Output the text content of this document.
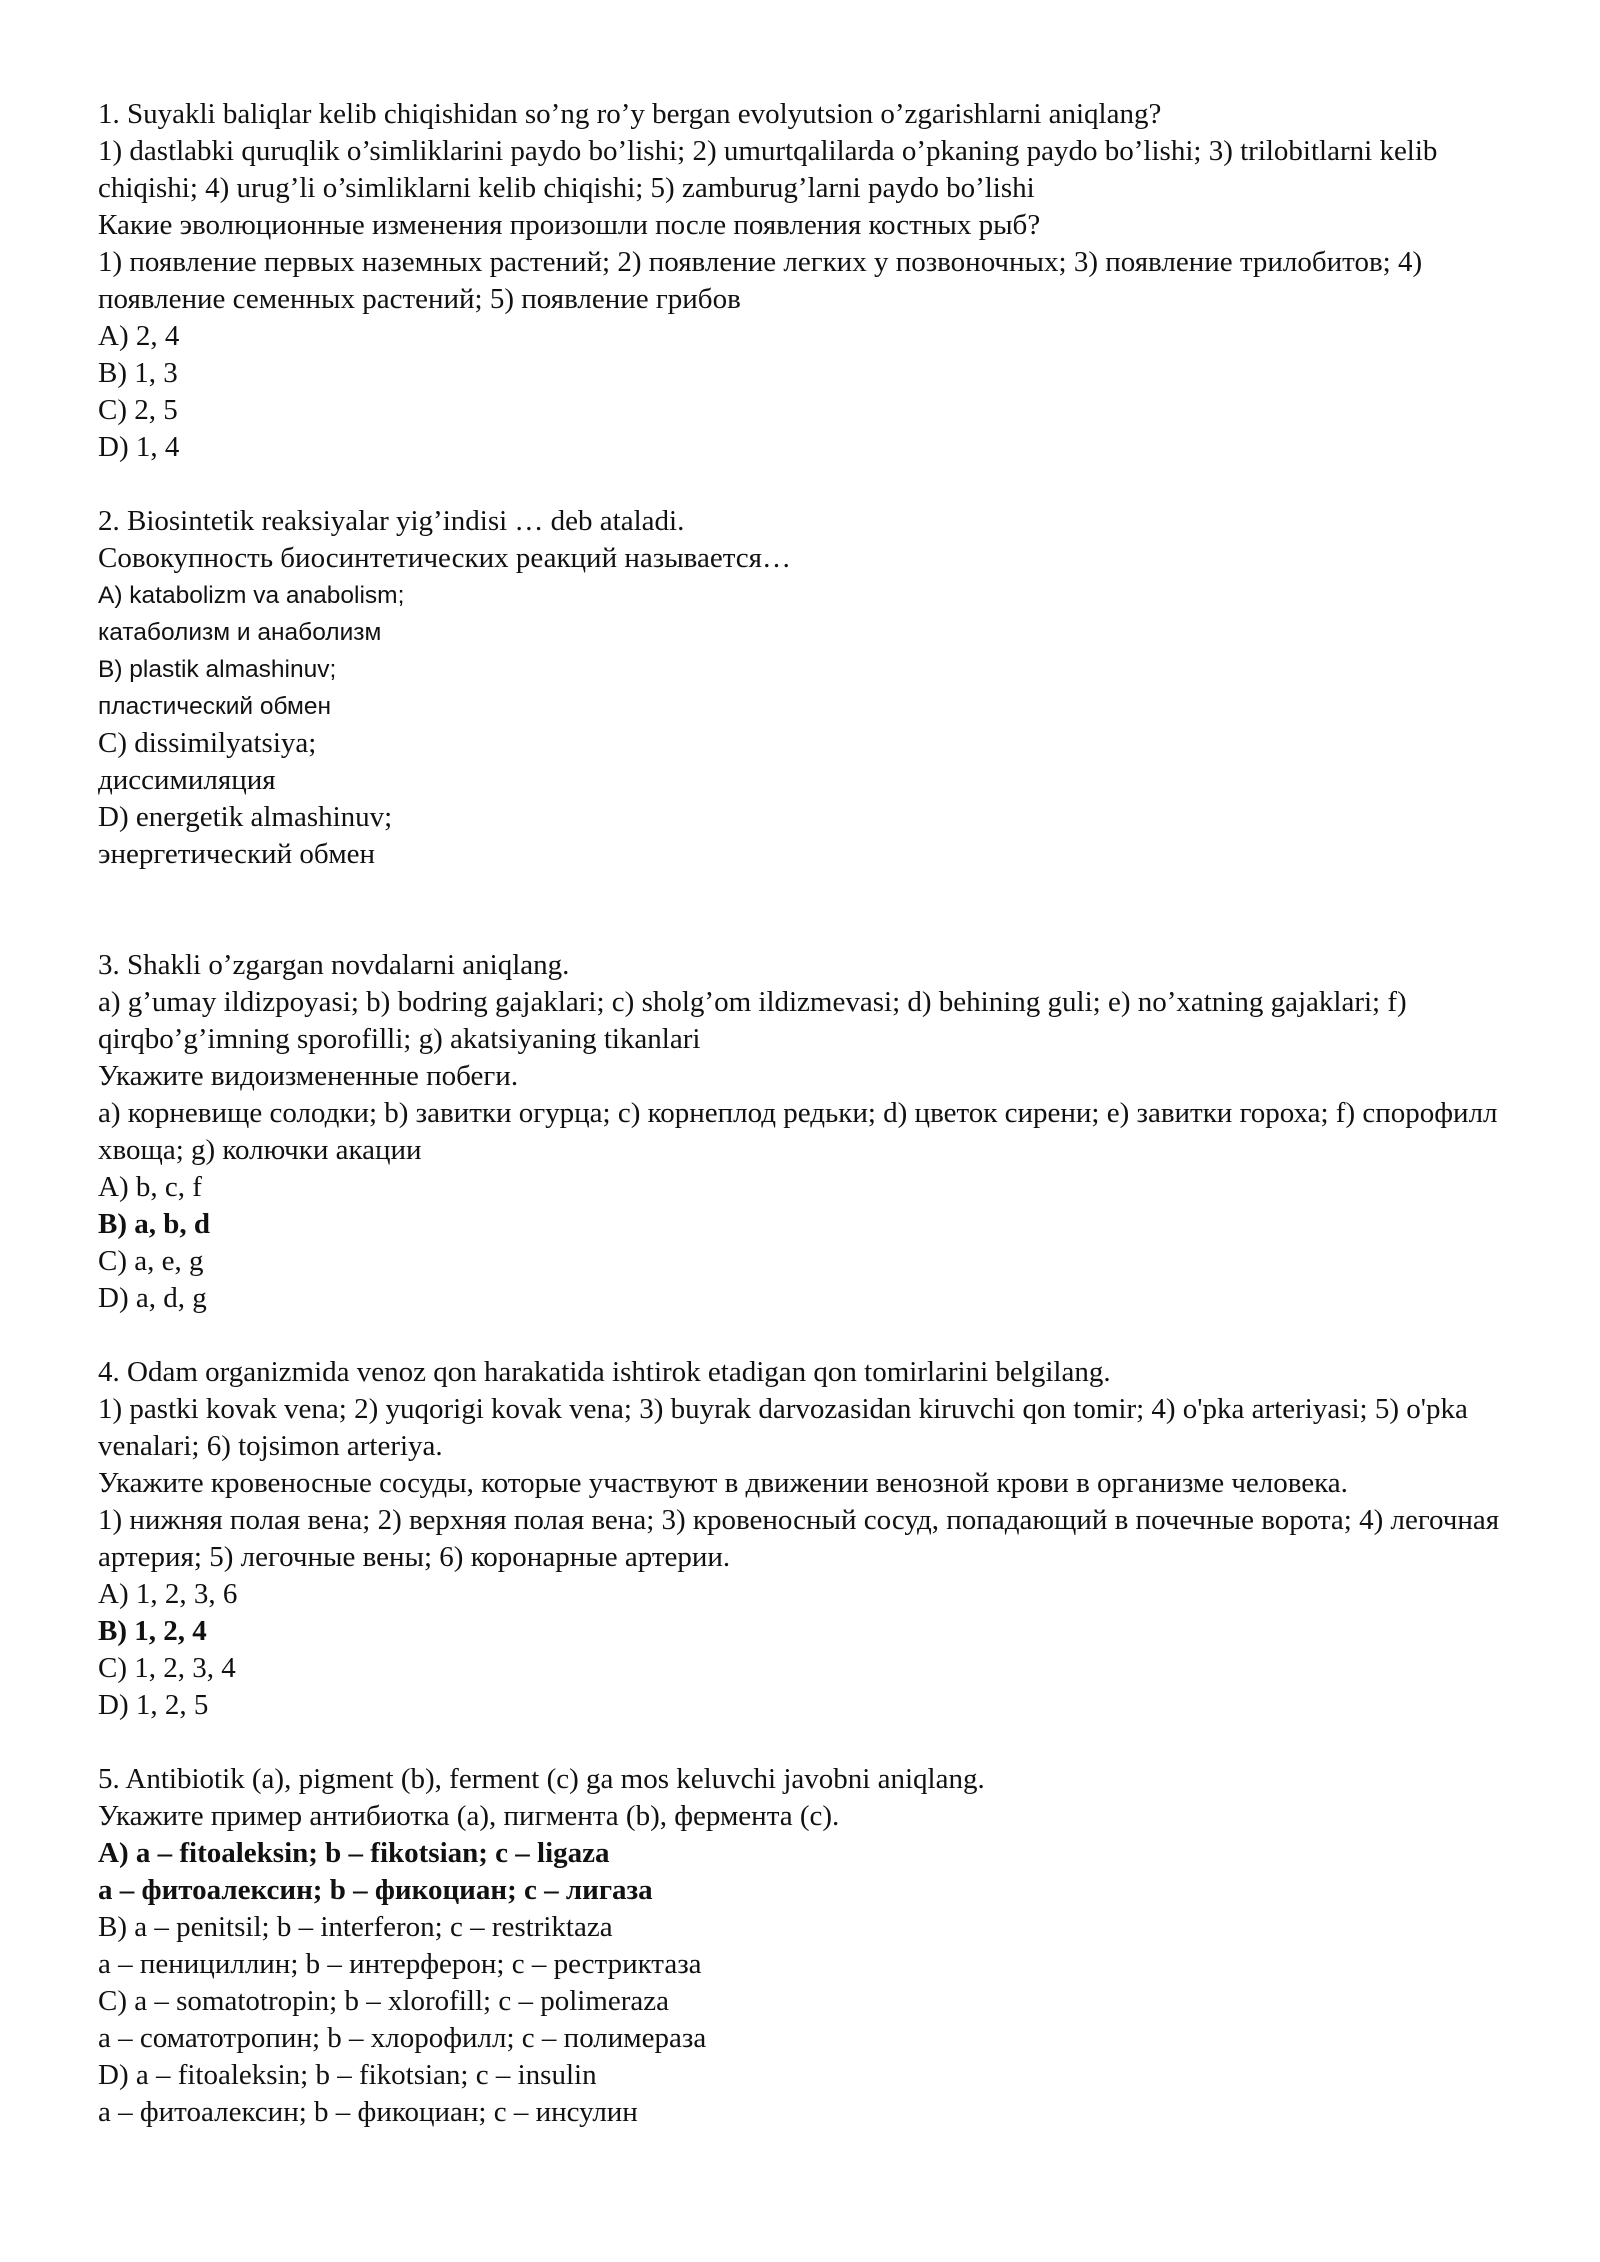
1. Suyakli baliqlar kelib chiqishidan so’ng ro’y bergan evolyutsion o’zgarishlarni aniqlang?
1) dastlabki quruqlik o’simliklarini paydo bo’lishi; 2) umurtqalilarda o’pkaning paydo bo’lishi; 3) trilobitlarni kelib chiqishi; 4) urug’li o’simliklarni kelib chiqishi; 5) zamburug’larni paydo bo’lishi
Какие эволюционные изменения произошли после появления костных рыб?
1) появление первых наземных растений; 2) появление легких у позвоночных; 3) появление трилобитов; 4) появление семенных растений; 5) появление грибов
A) 2, 4
B) 1, 3
C) 2, 5
D) 1, 4
2. Biosintetik reaksiyalar yig’indisi … deb ataladi.
Совокупность биосинтетических реакций называется…
A) katabolizm va anabolism;
катаболизм и анаболизм
B) plastik almashinuv;
пластический обмен
C) dissimilyatsiya;
диссимиляция
D) energetik almashinuv;
энергетический обмен
3. Shakli o’zgargan novdalarni aniqlang.
a) g’umay ildizpoyasi; b) bodring gajaklari; c) sholg’om ildizmevasi; d) behining guli; e) no’xatning gajaklari; f) qirqbo’g’imning sporofilli; g) akatsiyaning tikanlari
Укажите видоизмененные побеги.
а) корневище солодки; b) завитки огурца; c) корнеплод редьки; d) цветок сирени; e) завитки гороха; f) спорофилл хвоща; g) колючки акации
A) b, c, f
B) a, b, d
C) a, e, g
D) a, d, g
4. Odam organizmida venoz qon harakatida ishtirok etadigan qon tomirlarini belgilang.
1) pastki kovak vena; 2) yuqorigi kovak vena; 3) buyrak darvozasidan kiruvchi qon tomir; 4) o'pka arteriyasi; 5) o'pka venalari; 6) tojsimon arteriya.
Укажите кровеносные сосуды, которые участвуют в движении венозной крови в организме человека.
1) нижняя полая вена; 2) верхняя полая вена; 3) кровеносный сосуд, попадающий в почечные ворота; 4) легочная артерия; 5) легочные вены; 6) коронарные артерии.
A) 1, 2, 3, 6
B) 1, 2, 4
C) 1, 2, 3, 4
D) 1, 2, 5
5. Antibiotik (a), pigment (b), ferment (c) ga mos keluvchi javobni aniqlang.
Укажите пример антибиотка (а), пигмента (b), фермента (с).
A) a – fitoaleksin; b – fikotsian; c – ligaza
а – фитоалексин; b – фикоциан; с – лигаза
B) a – penitsil; b – interferon; c – restriktaza
а – пенициллин; b – интерферон; с – рестриктаза
C) a – somatotropin; b – xlorofill; c – polimeraza
а – соматотропин; b – хлорофилл; с – полимераза
D) a – fitoaleksin; b – fikotsian; c – insulin
а – фитоалексин; b – фикоциан; с – инсулин
